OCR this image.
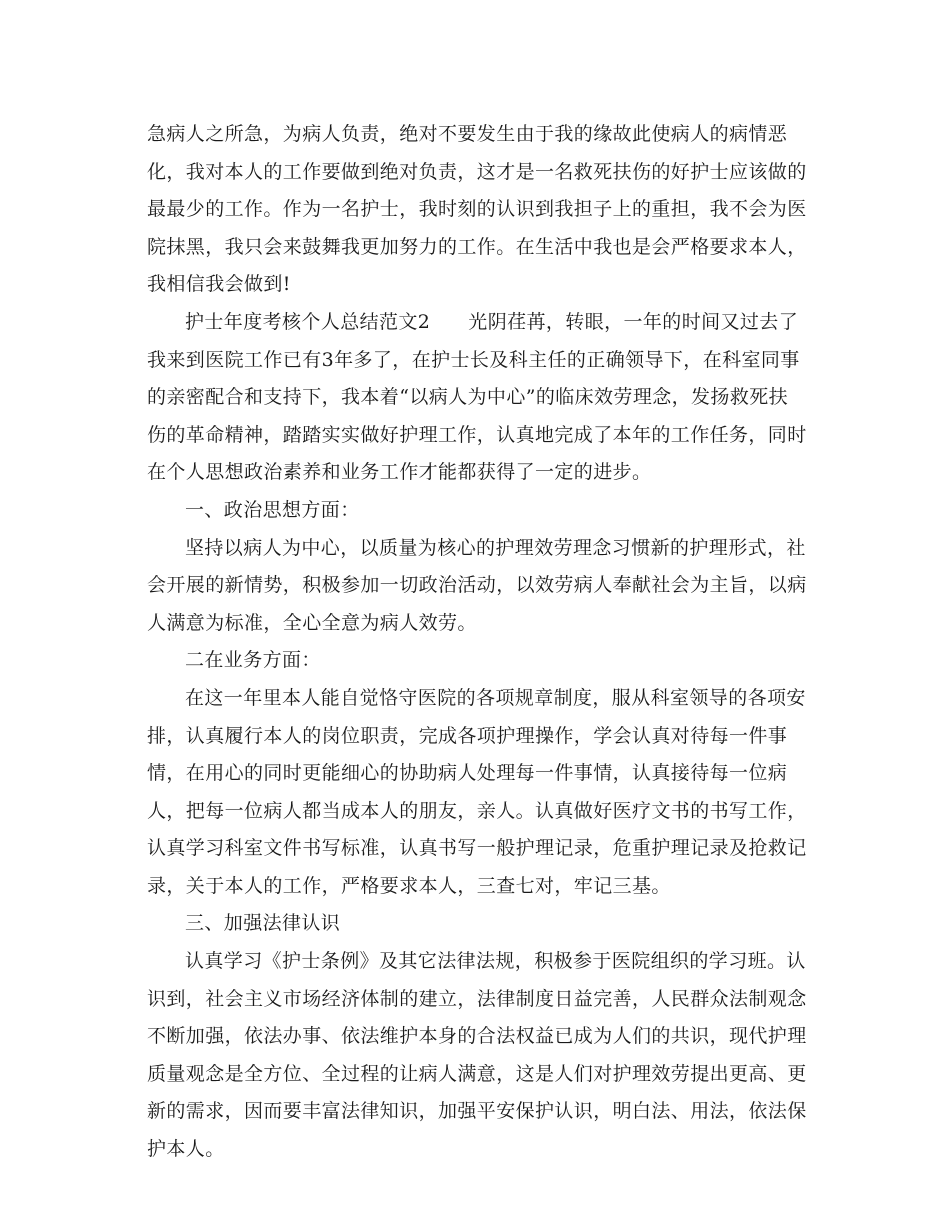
急病人之所急，为病人负责，绝对不要发生由于我的缘故此使病人的病情恶化，我对本人的工作要做到绝对负责，这才是一名救死扶伤的好护士应该做的最最少的工作。作为一名护士，我时刻的认识到我担子上的重担，我不会为医院抹黑，我只会来鼓舞我更加努力的工作。在生活中我也是会严格要求本人，我相信我会做到!

护士年度考核个人总结范文2 光阴荏苒，转眼，一年的时间又过去了我来到医院工作已有3年多了，在护士长及科主任的正确领导下，在科室同事的亲密配合和支持下，我本着“以病人为中心”的临床效劳理念，发扬救死扶伤的革命精神，踏踏实实做好护理工作，认真地完成了本年的工作任务，同时在个人思想政治素养和业务工作才能都获得了一定的进步。

一、政治思想方面：

坚持以病人为中心，以质量为核心的护理效劳理念习惯新的护理形式，社会开展的新情势，积极参加一切政治活动，以效劳病人奉献社会为主旨，以病人满意为标准，全心全意为病人效劳。

二在业务方面：

在这一年里本人能自觉恪守医院的各项规章制度，服从科室领导的各项安排，认真履行本人的岗位职责，完成各项护理操作，学会认真对待每一件事情，在用心的同时更能细心的协助病人处理每一件事情，认真接待每一位病人，把每一位病人都当成本人的朋友，亲人。认真做好医疗文书的书写工作，认真学习科室文件书写标准，认真书写一般护理记录，危重护理记录及抢救记录，关于本人的工作，严格要求本人，三查七对，牢记三基。

三、加强法律认识

认真学习《护士条例》及其它法律法规，积极参于医院组织的学习班。认识到，社会主义市场经济体制的建立，法律制度日益完善，人民群众法制观念不断加强，依法办事、依法维护本身的合法权益已成为人们的共识，现代护理质量观念是全方位、全过程的让病人满意，这是人们对护理效劳提出更高、更新的需求，因而要丰富法律知识，加强平安保护认识，明白法、用法，依法保护本人。
